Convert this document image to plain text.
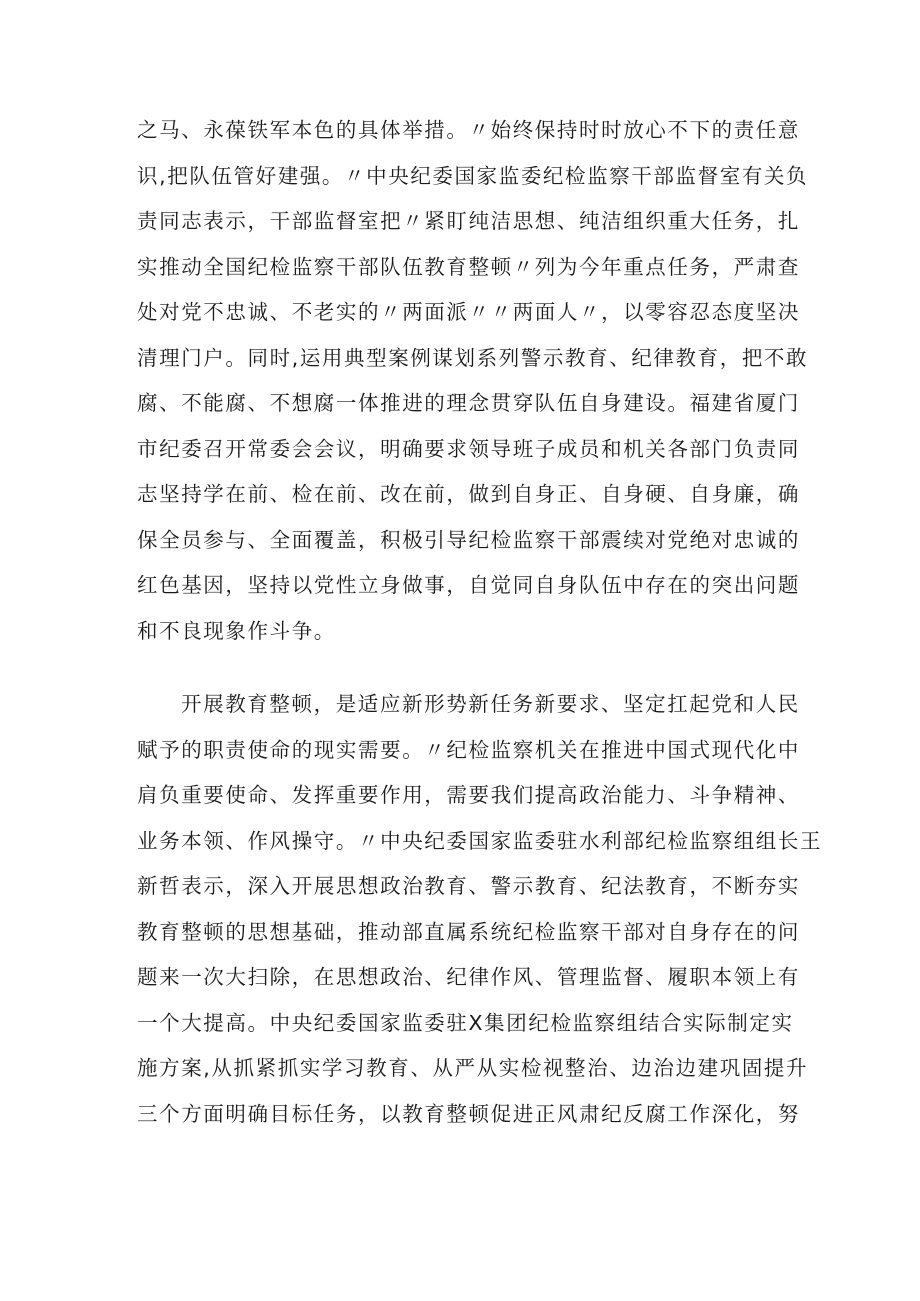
之马、永葆铁军本色的具体举措。〃始终保持时时放心不下的责任意

识,把队伍管好建强。〃中央纪委国家监委纪检监察干部监督室有关负

责同志表示，干部监督室把〃紧盯纯洁思想、纯洁组织重大任务，扎

实推动全国纪检监察干部队伍教育整顿〃列为今年重点任务，严肃查

处对党不忠诚、不老实的〃两面派〃〃两面人〃，以零容忍态度坚决

清理门户。同时,运用典型案例谋划系列警示教育、纪律教育，把不敢

腐、不能腐、不想腐一体推进的理念贯穿队伍自身建设。福建省厦门

市纪委召开常委会会议，明确要求领导班子成员和机关各部门负责同

志坚持学在前、检在前、改在前，做到自身正、自身硬、自身廉，确

保全员参与、全面覆盖，积极引导纪检监察干部震续对党绝对忠诚的

红色基因，坚持以党性立身做事，自觉同自身队伍中存在的突出问题

和不良现象作斗争。

开展教育整顿，是适应新形势新任务新要求、坚定扛起党和人民

赋予的职责使命的现实需要。〃纪检监察机关在推进中国式现代化中

肩负重要使命、发挥重要作用，需要我们提高政治能力、斗争精神、

业务本领、作风操守。〃中央纪委国家监委驻水利部纪检监察组组长王

新哲表示，深入开展思想政治教育、警示教育、纪法教育，不断夯实

教育整顿的思想基础，推动部直属系统纪检监察干部对自身存在的问

题来一次大扫除，在思想政治、纪律作风、管理监督、履职本领上有

一个大提高。中央纪委国家监委驻X集团纪检监察组结合实际制定实

施方案,从抓紧抓实学习教育、从严从实检视整治、边治边建巩固提升

三个方面明确目标任务，以教育整顿促进正风肃纪反腐工作深化，努
